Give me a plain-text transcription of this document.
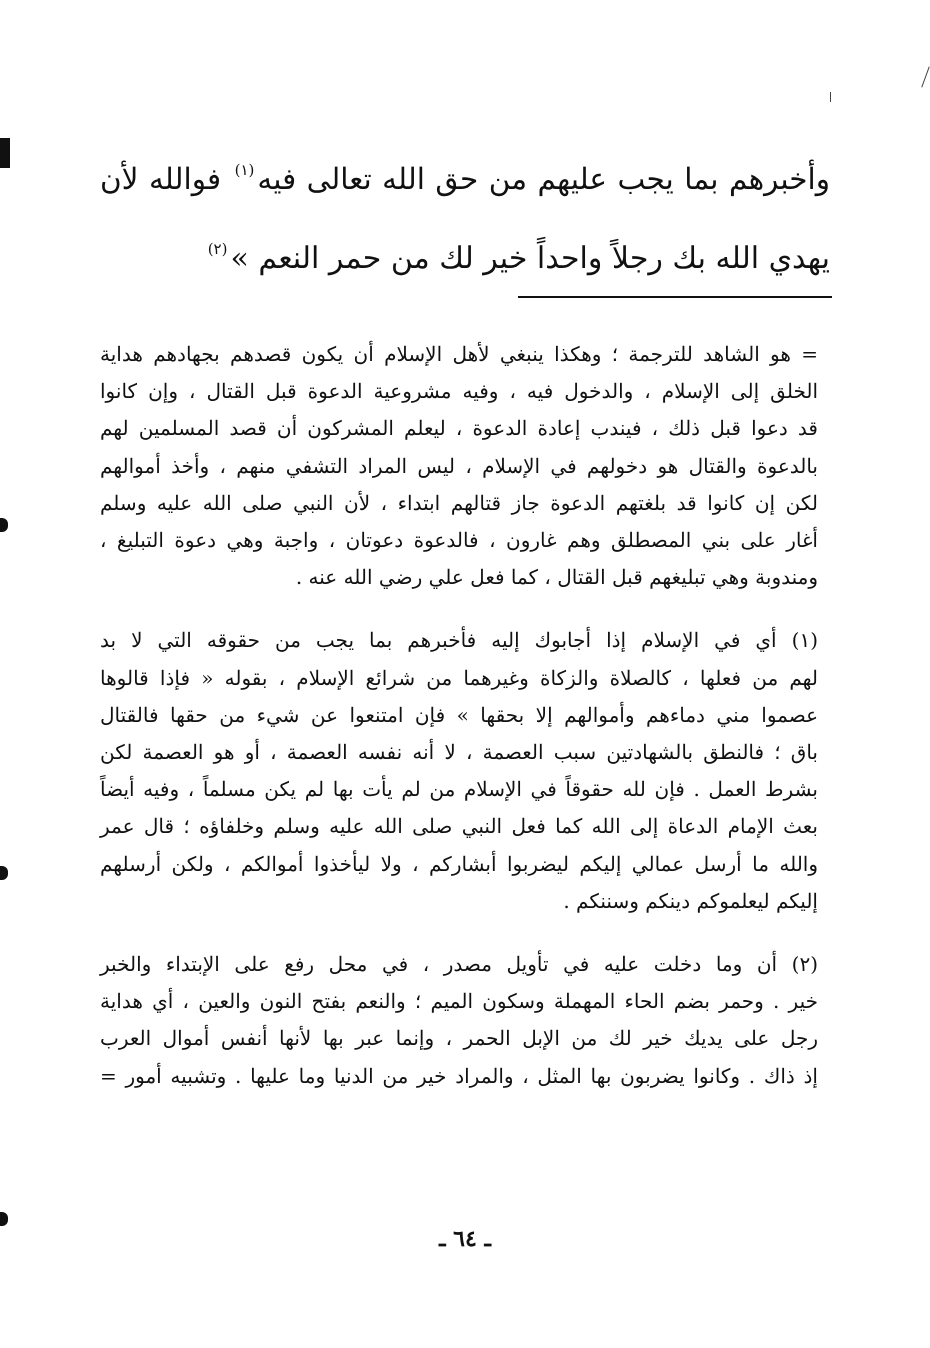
وأخبرهم بما يجب عليهم من حق الله تعالى فيه$^{(١)}$ فوالله لأن
يهدي الله بك رجلاً واحداً خير لك من حمر النعم »$^{(٢)}$
= هو الشاهد للترجمة ؛ وهكذا ينبغي لأهل الإسلام أن يكون قصدهم بجهادهم هداية
الخلق إلى الإسلام ، والدخول فيه ، وفيه مشروعية الدعوة قبل القتال ، وإن كانوا
قد دعوا قبل ذلك ، فيندب إعادة الدعوة ، ليعلم المشركون أن قصد المسلمين لهم
بالدعوة والقتال هو دخولهم في الإسلام ، ليس المراد التشفي منهم ، وأخذ أموالهم
لكن إن كانوا قد بلغتهم الدعوة جاز قتالهم ابتداء ، لأن النبي صلى الله عليه وسلم
أغار على بني المصطلق وهم غارون ، فالدعوة دعوتان ، واجبة وهي دعوة التبليغ ،
ومندوبة وهي تبليغهم قبل القتال ، كما فعل علي رضي الله عنه .
(١) أي في الإسلام إذا أجابوك إليه فأخبرهم بما يجب من حقوقه التي لا بد
لهم من فعلها ، كالصلاة والزكاة وغيرهما من شرائع الإسلام ، بقوله « فإذا قالوها
عصموا مني دماءهم وأموالهم إلا بحقها » فإن امتنعوا عن شيء من حقها فالقتال
باق ؛ فالنطق بالشهادتين سبب العصمة ، لا أنه نفسه العصمة ، أو هو العصمة لكن
بشرط العمل . فإن لله حقوقاً في الإسلام من لم يأت بها لم يكن مسلماً ، وفيه أيضاً
بعث الإمام الدعاة إلى الله كما فعل النبي صلى الله عليه وسلم وخلفاؤه ؛ قال عمر
والله ما أرسل عمالي إليكم ليضربوا أبشاركم ، ولا ليأخذوا أموالكم ، ولكن أرسلهم
إليكم ليعلموكم دينكم وسننكم .
(٢) أن وما دخلت عليه في تأويل مصدر ، في محل رفع على الإبتداء والخبر
خير . وحمر بضم الحاء المهملة وسكون الميم ؛ والنعم بفتح النون والعين ، أي هداية
رجل على يديك خير لك من الإبل الحمر ، وإنما عبر بها لأنها أنفس أموال العرب
إذ ذاك . وكانوا يضربون بها المثل ، والمراد خير من الدنيا وما عليها . وتشبيه أمور =
ـ ٦٤ ـ
